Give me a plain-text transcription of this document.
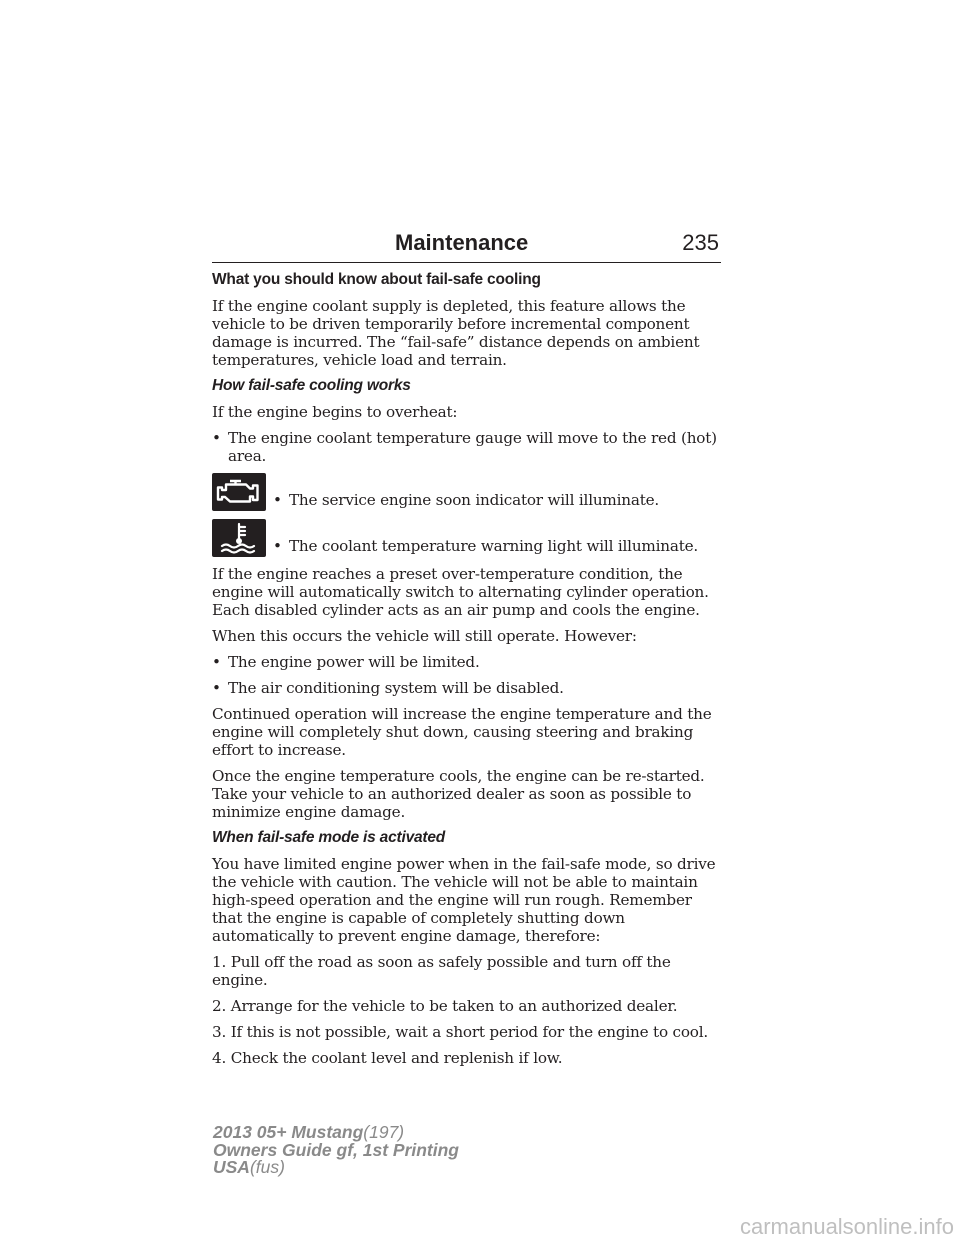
Maintenance	235

What you should know about fail-safe cooling

If the engine coolant supply is depleted, this feature allows the vehicle to be driven temporarily before incremental component damage is incurred. The “fail-safe” distance depends on ambient temperatures, vehicle load and terrain.

How fail-safe cooling works

If the engine begins to overheat:

• The engine coolant temperature gauge will move to the red (hot) area.
• The service engine soon indicator will illuminate.
• The coolant temperature warning light will illuminate.

If the engine reaches a preset over-temperature condition, the engine will automatically switch to alternating cylinder operation. Each disabled cylinder acts as an air pump and cools the engine.

When this occurs the vehicle will still operate. However:

• The engine power will be limited.
• The air conditioning system will be disabled.

Continued operation will increase the engine temperature and the engine will completely shut down, causing steering and braking effort to increase.

Once the engine temperature cools, the engine can be re-started. Take your vehicle to an authorized dealer as soon as possible to minimize engine damage.

When fail-safe mode is activated

You have limited engine power when in the fail-safe mode, so drive the vehicle with caution. The vehicle will not be able to maintain high-speed operation and the engine will run rough. Remember that the engine is capable of completely shutting down automatically to prevent engine damage, therefore:

1. Pull off the road as soon as safely possible and turn off the engine.

2. Arrange for the vehicle to be taken to an authorized dealer.

3. If this is not possible, wait a short period for the engine to cool.

4. Check the coolant level and replenish if low.

2013 05+ Mustang(197)
Owners Guide gf, 1st Printing
USA(fus)
carmanualsonline.info
